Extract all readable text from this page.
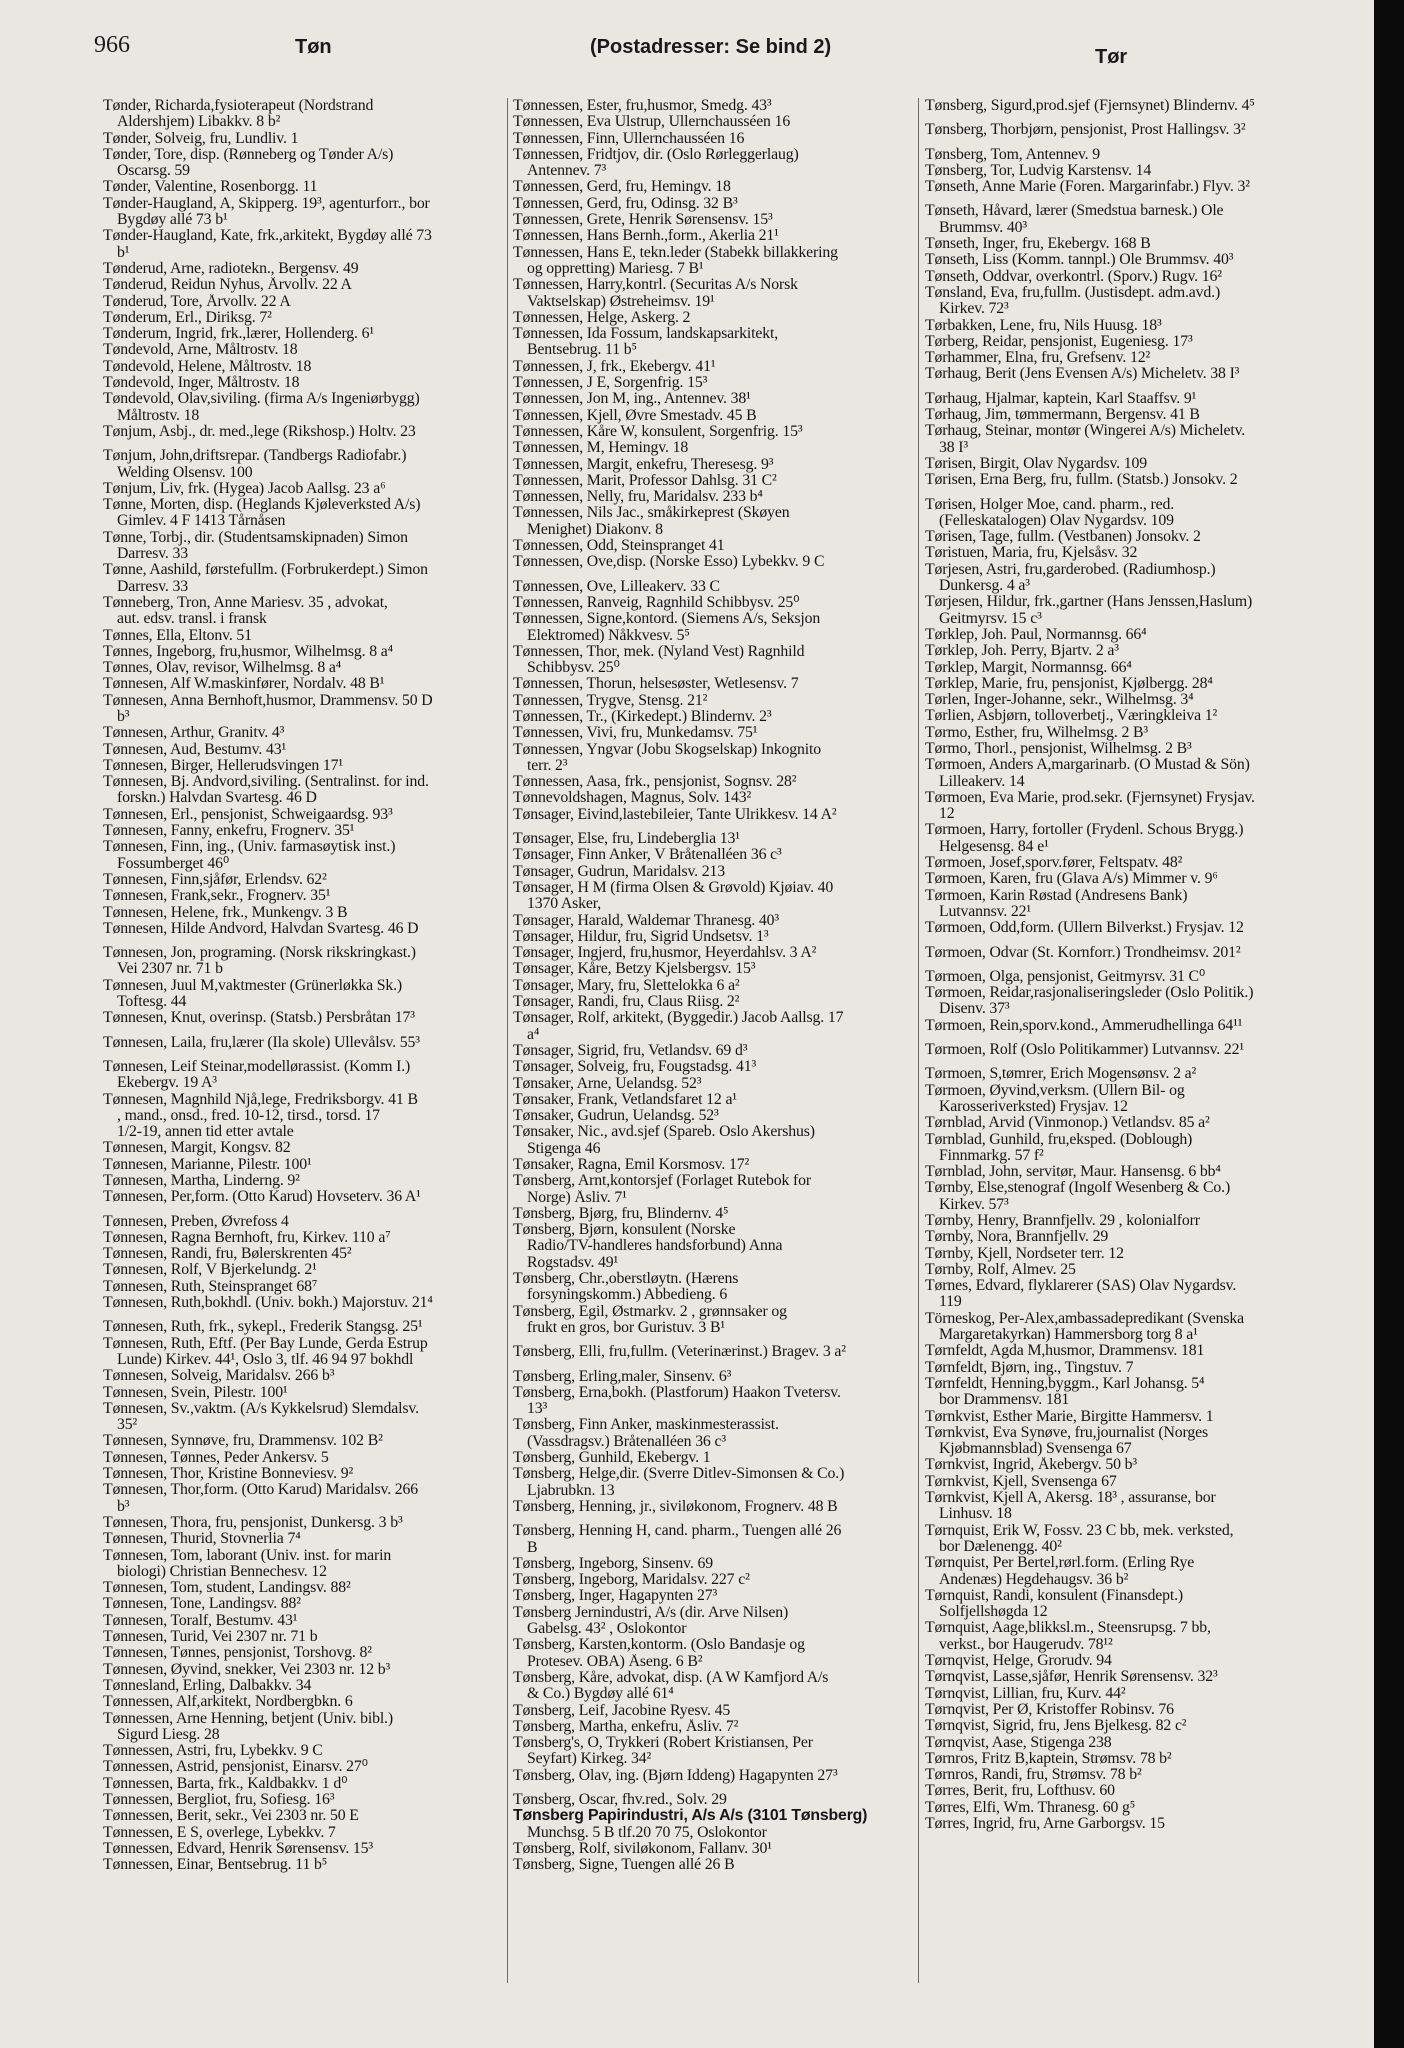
966	Tøn	(Postadresser: Se bind 2)	Tør
Tønder, Richarda,fysioterapeut (Nordstrand
Aldershjem) Libakkv. 8 b²
Tønder, Solveig, fru, Lundliv. 1
Tønder, Tore, disp. (Rønneberg og Tønder A/s)
Oscarsg. 59
Tønder, Valentine, Rosenborgg. 11
Tønder-Haugland, A, Skipperg. 19³, agenturforr., bor
Bygdøy allé 73 b¹
Tønder-Haugland, Kate, frk.,arkitekt, Bygdøy allé 73
b¹
Tønderud, Arne, radiotekn., Bergensv. 49
Tønderud, Reidun Nyhus, Årvollv. 22 A
Tønderud, Tore, Årvollv. 22 A
Tønderum, Erl., Diriksg. 7²
Tønderum, Ingrid, frk.,lærer, Hollenderg. 6¹
Tøndevold, Arne, Måltrostv. 18
Tøndevold, Helene, Måltrostv. 18
Tøndevold, Inger, Måltrostv. 18
Tøndevold, Olav,siviling. (firma A/s Ingeniørbygg)
Måltrostv. 18
Tønjum, Asbj., dr. med.,lege (Rikshosp.) Holtv. 23
Tønjum, John,driftsrepar. (Tandbergs Radiofabr.)
Welding Olsensv. 100
Tønjum, Liv, frk. (Hygea) Jacob Aallsg. 23 a⁶
Tønne, Morten, disp. (Heglands Kjøleverksted A/s)
Gimlev. 4 F 1413 Tårnåsen
Tønne, Torbj., dir. (Studentsamskipnaden) Simon
Darresv. 33
Tønne, Aashild, førstefullm. (Forbrukerdept.) Simon
Darresv. 33
Tønneberg, Tron, Anne Mariesv. 35 , advokat,
aut. edsv. transl. i fransk
Tønnes, Ella, Eltonv. 51
Tønnes, Ingeborg, fru,husmor, Wilhelmsg. 8 a⁴
Tønnes, Olav, revisor, Wilhelmsg. 8 a⁴
Tønnesen, Alf W.maskinfører, Nordalv. 48 B¹
Tønnesen, Anna Bernhoft,husmor, Drammensv. 50 D
b³
Tønnesen, Arthur, Granitv. 4³
Tønnesen, Aud, Bestumv. 43¹
Tønnesen, Birger, Hellerudsvingen 17¹
Tønnesen, Bj. Andvord,siviling. (Sentralinst. for ind.
forskn.) Halvdan Svartesg. 46 D
Tønnesen, Erl., pensjonist, Schweigaardsg. 93³
Tønnesen, Fanny, enkefru, Frognerv. 35¹
Tønnesen, Finn, ing., (Univ. farmasøytisk inst.)
Fossumberget 46⁰
Tønnesen, Finn,sjåfør, Erlendsv. 62²
Tønnesen, Frank,sekr., Frognerv. 35¹
Tønnesen, Helene, frk., Munkengv. 3 B
Tønnesen, Hilde Andvord, Halvdan Svartesg. 46 D
Tønnesen, Jon, programing. (Norsk rikskringkast.)
Vei 2307 nr. 71 b
Tønnesen, Juul M,vaktmester (Grünerløkka Sk.)
Toftesg. 44
Tønnesen, Knut, overinsp. (Statsb.) Persbråtan 17³
Tønnesen, Laila, fru,lærer (Ila skole) Ullevålsv. 55³
Tønnesen, Leif Steinar,modellørassist. (Komm I.)
Ekebergv. 19 A³
Tønnesen, Magnhild Njå,lege, Fredriksborgv. 41 B
, mand., onsd., fred. 10-12, tirsd., torsd. 17
1/2-19, annen tid etter avtale
Tønnesen, Margit, Kongsv. 82
Tønnesen, Marianne, Pilestr. 100¹
Tønnesen, Martha, Linderng. 9²
Tønnesen, Per,form. (Otto Karud) Hovseterv. 36 A¹
Tønnesen, Preben, Øvrefoss 4
Tønnesen, Ragna Bernhoft, fru, Kirkev. 110 a⁷
Tønnesen, Randi, fru, Bølerskrenten 45²
Tønnesen, Rolf, V Bjerkelundg. 2¹
Tønnesen, Ruth, Steinspranget 68⁷
Tønnesen, Ruth,bokhdl. (Univ. bokh.) Majorstuv. 21⁴
Tønnesen, Ruth, frk., sykepl., Frederik Stangsg. 25¹
Tønnesen, Ruth, Eftf. (Per Bay Lunde, Gerda Estrup
Lunde) Kirkev. 44¹, Oslo 3, tlf. 46 94 97 bokhdl
Tønnesen, Solveig, Maridalsv. 266 b³
Tønnesen, Svein, Pilestr. 100¹
Tønnesen, Sv.,vaktm. (A/s Kykkelsrud) Slemdalsv.
35²
Tønnesen, Synnøve, fru, Drammensv. 102 B²
Tønnesen, Tønnes, Peder Ankersv. 5
Tønnesen, Thor, Kristine Bonneviesv. 9²
Tønnesen, Thor,form. (Otto Karud) Maridalsv. 266
b³
Tønnesen, Thora, fru, pensjonist, Dunkersg. 3 b³
Tønnesen, Thurid, Stovnerlia 7⁴
Tønnesen, Tom, laborant (Univ. inst. for marin
biologi) Christian Bennechesv. 12
Tønnesen, Tom, student, Landingsv. 88²
Tønnesen, Tone, Landingsv. 88²
Tønnesen, Toralf, Bestumv. 43¹
Tønnesen, Turid, Vei 2307 nr. 71 b
Tønnesen, Tønnes, pensjonist, Torshovg. 8²
Tønnesen, Øyvind, snekker, Vei 2303 nr. 12 b³
Tønnesland, Erling, Dalbakkv. 34
Tønnessen, Alf,arkitekt, Nordbergbkn. 6
Tønnessen, Arne Henning, betjent (Univ. bibl.)
Sigurd Liesg. 28
Tønnessen, Astri, fru, Lybekkv. 9 C
Tønnessen, Astrid, pensjonist, Einarsv. 27⁰
Tønnessen, Barta, frk., Kaldbakkv. 1 d⁰
Tønnessen, Bergliot, fru, Sofiesg. 16³
Tønnessen, Berit, sekr., Vei 2303 nr. 50 E
Tønnessen, E S, overlege, Lybekkv. 7
Tønnessen, Edvard, Henrik Sørensensv. 15³
Tønnessen, Einar, Bentsebrug. 11 b⁵
Tønnessen, Ester, fru,husmor, Smedg. 43³
Tønnessen, Eva Ulstrup, Ullernchausséen 16
Tønnessen, Finn, Ullernchausséen 16
Tønnessen, Fridtjov, dir. (Oslo Rørleggerlaug)
Antennev. 7³
Tønnessen, Gerd, fru, Hemingv. 18
Tønnessen, Gerd, fru, Odinsg. 32 B³
Tønnessen, Grete, Henrik Sørensensv. 15³
Tønnessen, Hans Bernh.,form., Akerlia 21¹
Tønnessen, Hans E, tekn.leder (Stabekk billakkering
og oppretting) Mariesg. 7 B¹
Tønnessen, Harry,kontrl. (Securitas A/s Norsk
Vaktselskap) Østreheimsv. 19¹
Tønnessen, Helge, Askerg. 2
Tønnessen, Ida Fossum, landskapsarkitekt,
Bentsebrug. 11 b⁵
Tønnessen, J, frk., Ekebergv. 41¹
Tønnessen, J E, Sorgenfrig. 15³
Tønnessen, Jon M, ing., Antennev. 38¹
Tønnessen, Kjell, Øvre Smestadv. 45 B
Tønnessen, Kåre W, konsulent, Sorgenfrig. 15³
Tønnessen, M, Hemingv. 18
Tønnessen, Margit, enkefru, Theresesg. 9³
Tønnessen, Marit, Professor Dahlsg. 31 C²
Tønnessen, Nelly, fru, Maridalsv. 233 b⁴
Tønnessen, Nils Jac., småkirkeprest (Skøyen
Menighet) Diakonv. 8
Tønnessen, Odd, Steinspranget 41
Tønnessen, Ove,disp. (Norske Esso) Lybekkv. 9 C
Tønnessen, Ove, Lilleakerv. 33 C
Tønnessen, Ranveig, Ragnhild Schibbysv. 25⁰
Tønnessen, Signe,kontord. (Siemens A/s, Seksjon
Elektromed) Nåkkvesv. 5⁵
Tønnessen, Thor, mek. (Nyland Vest) Ragnhild
Schibbysv. 25⁰
Tønnessen, Thorun, helsesøster, Wetlesensv. 7
Tønnessen, Trygve, Stensg. 21²
Tønnessen, Tr., (Kirkedept.) Blindernv. 2³
Tønnessen, Vivi, fru, Munkedamsv. 75¹
Tønnessen, Yngvar (Jobu Skogselskap) Inkognito
terr. 2³
Tønnessen, Aasa, frk., pensjonist, Sognsv. 28²
Tønnevoldshagen, Magnus, Solv. 143²
Tønsager, Eivind,lastebileier, Tante Ulrikkesv. 14 A²
Tønsager, Else, fru, Lindeberglia 13¹
Tønsager, Finn Anker, V Bråtenalléen 36 c³
Tønsager, Gudrun, Maridalsv. 213
Tønsager, H M (firma Olsen & Grøvold) Kjøiav. 40
1370 Asker,
Tønsager, Harald, Waldemar Thranesg. 40³
Tønsager, Hildur, fru, Sigrid Undsetsv. 1³
Tønsager, Ingjerd, fru,husmor, Heyerdahlsv. 3 A²
Tønsager, Kåre, Betzy Kjelsbergsv. 15³
Tønsager, Mary, fru, Slettelokka 6 a²
Tønsager, Randi, fru, Claus Riisg. 2²
Tønsager, Rolf, arkitekt, (Byggedir.) Jacob Aallsg. 17
a⁴
Tønsager, Sigrid, fru, Vetlandsv. 69 d³
Tønsager, Solveig, fru, Fougstadsg. 41³
Tønsaker, Arne, Uelandsg. 52³
Tønsaker, Frank, Vetlandsfaret 12 a¹
Tønsaker, Gudrun, Uelandsg. 52³
Tønsaker, Nic., avd.sjef (Spareb. Oslo Akershus)
Stigenga 46
Tønsaker, Ragna, Emil Korsmosv. 17²
Tønsberg, Arnt,kontorsjef (Forlaget Rutebok for
Norge) Åsliv. 7¹
Tønsberg, Bjørg, fru, Blindernv. 4⁵
Tønsberg, Bjørn, konsulent (Norske
Radio/TV-handleres handsforbund) Anna
Rogstadsv. 49¹
Tønsberg, Chr.,oberstløytn. (Hærens
forsyningskomm.) Abbedieng. 6
Tønsberg, Egil, Østmarkv. 2 , grønnsaker og
frukt en gros, bor Guristuv. 3 B¹
Tønsberg, Elli, fru,fullm. (Veterinærinst.) Bragev. 3 a²
Tønsberg, Erling,maler, Sinsenv. 6³
Tønsberg, Erna,bokh. (Plastforum) Haakon Tvetersv.
13³
Tønsberg, Finn Anker, maskinmesterassist.
(Vassdragsv.) Bråtenalléen 36 c³
Tønsberg, Gunhild, Ekebergv. 1
Tønsberg, Helge,dir. (Sverre Ditlev-Simonsen & Co.)
Ljabrubkn. 13
Tønsberg, Henning, jr., siviløkonom, Frognerv. 48 B
Tønsberg, Henning H, cand. pharm., Tuengen allé 26
B
Tønsberg, Ingeborg, Sinsenv. 69
Tønsberg, Ingeborg, Maridalsv. 227 c²
Tønsberg, Inger, Hagapynten 27³
Tønsberg Jernindustri, A/s (dir. Arve Nilsen)
Gabelsg. 43² , Oslokontor
Tønsberg, Karsten,kontorm. (Oslo Bandasje og
Protesev. OBA) Åseng. 6 B²
Tønsberg, Kåre, advokat, disp. (A W Kamfjord A/s
& Co.) Bygdøy allé 61⁴
Tønsberg, Leif, Jacobine Ryesv. 45
Tønsberg, Martha, enkefru, Åsliv. 7²
Tønsberg's, O, Trykkeri (Robert Kristiansen, Per
Seyfart) Kirkeg. 34²
Tønsberg, Olav, ing. (Bjørn Iddeng) Hagapynten 27³
Tønsberg, Oscar, fhv.red., Solv. 29
Tønsberg Papirindustri, A/s A/s (3101 Tønsberg)
Munchsg. 5 B tlf.20 70 75, Oslokontor
Tønsberg, Rolf, siviløkonom, Fallanv. 30¹
Tønsberg, Signe, Tuengen allé 26 B
Tønsberg, Sigurd,prod.sjef (Fjernsynet) Blindernv. 4⁵
Tønsberg, Thorbjørn, pensjonist, Prost Hallingsv. 3²
Tønsberg, Tom, Antennev. 9
Tønsberg, Tor, Ludvig Karstensv. 14
Tønseth, Anne Marie (Foren. Margarinfabr.) Flyv. 3²
Tønseth, Håvard, lærer (Smedstua barnesk.) Ole
Brummsv. 40³
Tønseth, Inger, fru, Ekebergv. 168 B
Tønseth, Liss (Komm. tannpl.) Ole Brummsv. 40³
Tønseth, Oddvar, overkontrl. (Sporv.) Rugv. 16²
Tønsland, Eva, fru,fullm. (Justisdept. adm.avd.)
Kirkev. 72³
Tørbakken, Lene, fru, Nils Huusg. 18³
Tørberg, Reidar, pensjonist, Eugeniesg. 17³
Tørhammer, Elna, fru, Grefsenv. 12²
Tørhaug, Berit (Jens Evensen A/s) Micheletv. 38 I³
Tørhaug, Hjalmar, kaptein, Karl Staaffsv. 9¹
Tørhaug, Jim, tømmermann, Bergensv. 41 B
Tørhaug, Steinar, montør (Wingerei A/s) Micheletv.
38 I³
Tørisen, Birgit, Olav Nygardsv. 109
Tørisen, Erna Berg, fru, fullm. (Statsb.) Jonsokv. 2
Tørisen, Holger Moe, cand. pharm., red.
(Felleskatalogen) Olav Nygardsv. 109
Tørisen, Tage, fullm. (Vestbanen) Jonsokv. 2
Tøristuen, Maria, fru, Kjelsåsv. 32
Tørjesen, Astri, fru,garderobed. (Radiumhosp.)
Dunkersg. 4 a³
Tørjesen, Hildur, frk.,gartner (Hans Jenssen,Haslum)
Geitmyrsv. 15 c³
Tørklep, Joh. Paul, Normannsg. 66⁴
Tørklep, Joh. Perry, Bjartv. 2 a³
Tørklep, Margit, Normannsg. 66⁴
Tørklep, Marie, fru, pensjonist, Kjølbergg. 28⁴
Tørlen, Inger-Johanne, sekr., Wilhelmsg. 3⁴
Tørlien, Asbjørn, tolloverbetj., Væringkleiva 1²
Tørmo, Esther, fru, Wilhelmsg. 2 B³
Tørmo, Thorl., pensjonist, Wilhelmsg. 2 B³
Tørmoen, Anders A,margarinarb. (O Mustad & Sön)
Lilleakerv. 14
Tørmoen, Eva Marie, prod.sekr. (Fjernsynet) Frysjav.
12
Tørmoen, Harry, fortoller (Frydenl. Schous Brygg.)
Helgesensg. 84 e¹
Tørmoen, Josef,sporv.fører, Feltspatv. 48²
Tørmoen, Karen, fru (Glava A/s) Mimmer v. 9⁶
Tørmoen, Karin Røstad (Andresens Bank)
Lutvannsv. 22¹
Tørmoen, Odd,form. (Ullern Bilverkst.) Frysjav. 12
Tørmoen, Odvar (St. Kornforr.) Trondheimsv. 201²
Tørmoen, Olga, pensjonist, Geitmyrsv. 31 C⁰
Tørmoen, Reidar,rasjonaliseringsleder (Oslo Politik.)
Disenv. 37³
Tørmoen, Rein,sporv.kond., Ammerudhellinga 64¹¹
Tørmoen, Rolf (Oslo Politikammer) Lutvannsv. 22¹
Tørmoen, S,tømrer, Erich Mogensønsv. 2 a²
Tørmoen, Øyvind,verksm. (Ullern Bil- og
Karosseriverksted) Frysjav. 12
Tørnblad, Arvid (Vinmonop.) Vetlandsv. 85 a²
Tørnblad, Gunhild, fru,eksped. (Doblough)
Finnmarkg. 57 f²
Tørnblad, John, servitør, Maur. Hansensg. 6 bb⁴
Tørnby, Else,stenograf (Ingolf Wesenberg & Co.)
Kirkev. 57³
Tørnby, Henry, Brannfjellv. 29 , kolonialforr
Tørnby, Nora, Brannfjellv. 29
Tørnby, Kjell, Nordseter terr. 12
Tørnby, Rolf, Almev. 25
Tørnes, Edvard, flyklarerer (SAS) Olav Nygardsv.
119
Törneskog, Per-Alex,ambassadepredikant (Svenska
Margaretakyrkan) Hammersborg torg 8 a¹
Tørnfeldt, Agda M,husmor, Drammensv. 181
Tørnfeldt, Bjørn, ing., Tingstuv. 7
Tørnfeldt, Henning,byggm., Karl Johansg. 5⁴
bor Drammensv. 181
Tørnkvist, Esther Marie, Birgitte Hammersv. 1
Tørnkvist, Eva Synøve, fru,journalist (Norges
Kjøbmannsblad) Svensenga 67
Tørnkvist, Ingrid, Åkebergv. 50 b³
Tørnkvist, Kjell, Svensenga 67
Tørnkvist, Kjell A, Akersg. 18³ , assuranse, bor
Linhusv. 18
Tørnquist, Erik W, Fossv. 23 C bb, mek. verksted,
bor Dælenengg. 40²
Tørnquist, Per Bertel,rørl.form. (Erling Rye
Andenæs) Hegdehaugsv. 36 b²
Tørnquist, Randi, konsulent (Finansdept.)
Solfjellshøgda 12
Tørnquist, Aage,blikksl.m., Steensrupsg. 7 bb,
verkst., bor Haugerudv. 78¹²
Tørnqvist, Helge, Grorudv. 94
Tørnqvist, Lasse,sjåfør, Henrik Sørensensv. 32³
Tørnqvist, Lillian, fru, Kurv. 44²
Tørnqvist, Per Ø, Kristoffer Robinsv. 76
Tørnqvist, Sigrid, fru, Jens Bjelkesg. 82 c²
Tørnqvist, Aase, Stigenga 238
Tørnros, Fritz B,kaptein, Strømsv. 78 b²
Tørnros, Randi, fru, Strømsv. 78 b²
Tørres, Berit, fru, Lofthusv. 60
Tørres, Elfi, Wm. Thranesg. 60 g⁵
Tørres, Ingrid, fru, Arne Garborgsv. 15
